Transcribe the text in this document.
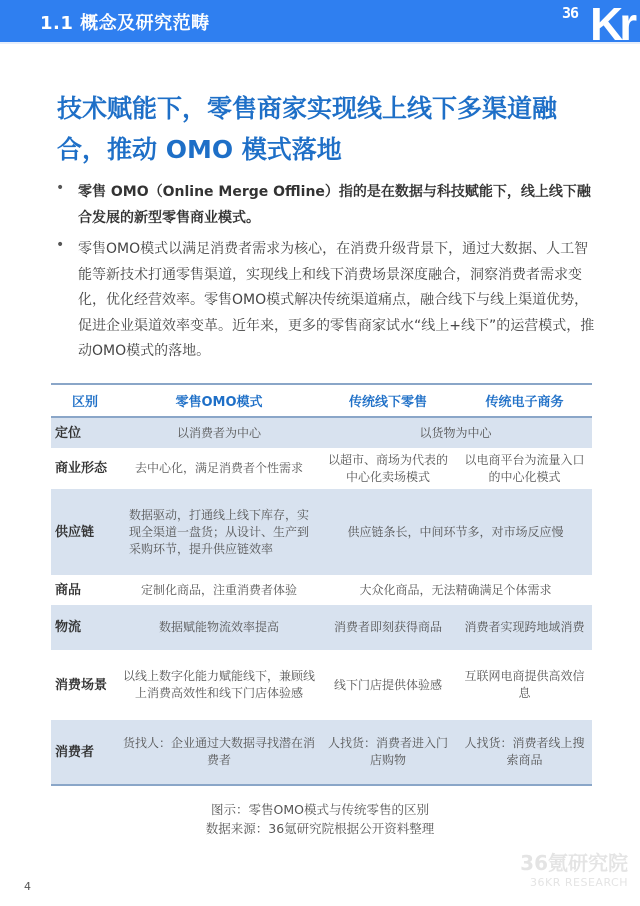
1.1 概念及研究范畴	36 Kr
技术赋能下，零售商家实现线上线下多渠道融
合，推动 OMO 模式落地
• 零售 OMO（Online Merge Offline）指的是在数据与科技赋能下，线上线下融合发展的新型零售商业模式。
• 零售OMO模式以满足消费者需求为核心，在消费升级背景下，通过大数据、人工智能等新技术打通零售渠道，实现线上和线下消费场景深度融合，洞察消费者需求变化，优化经营效率。零售OMO模式解决传统渠道痛点，融合线下与线上渠道优势，促进企业渠道效率变革。近年来，更多的零售商家试水“线上+线下”的运营模式，推动OMO模式的落地。
区别	零售OMO模式	传统线下零售	传统电子商务
定位	以消费者为中心	以货物为中心	
商业形态	去中心化，满足消费者个性需求	以超市、商场为代表的中心化卖场模式	以电商平台为流量入口的中心化模式
供应链	数据驱动，打通线上线下库存，实现全渠道一盘货；从设计、生产到采购环节，提升供应链效率	供应链条长，中间环节多，对市场反应慢	
商品	定制化商品，注重消费者体验	大众化商品，无法精确满足个体需求	
物流	数据赋能物流效率提高	消费者即刻获得商品	消费者实现跨地域消费
消费场景	以线上数字化能力赋能线下，兼顾线上消费高效性和线下门店体验感	线下门店提供体验感	互联网电商提供高效信息
消费者	货找人：企业通过大数据寻找潜在消费者	人找货：消费者进入门店购物	人找货：消费者线上搜索商品
图示：零售OMO模式与传统零售的区别
数据来源：36氪研究院根据公开资料整理
4
36氪研究院
36KR RESEARCH
